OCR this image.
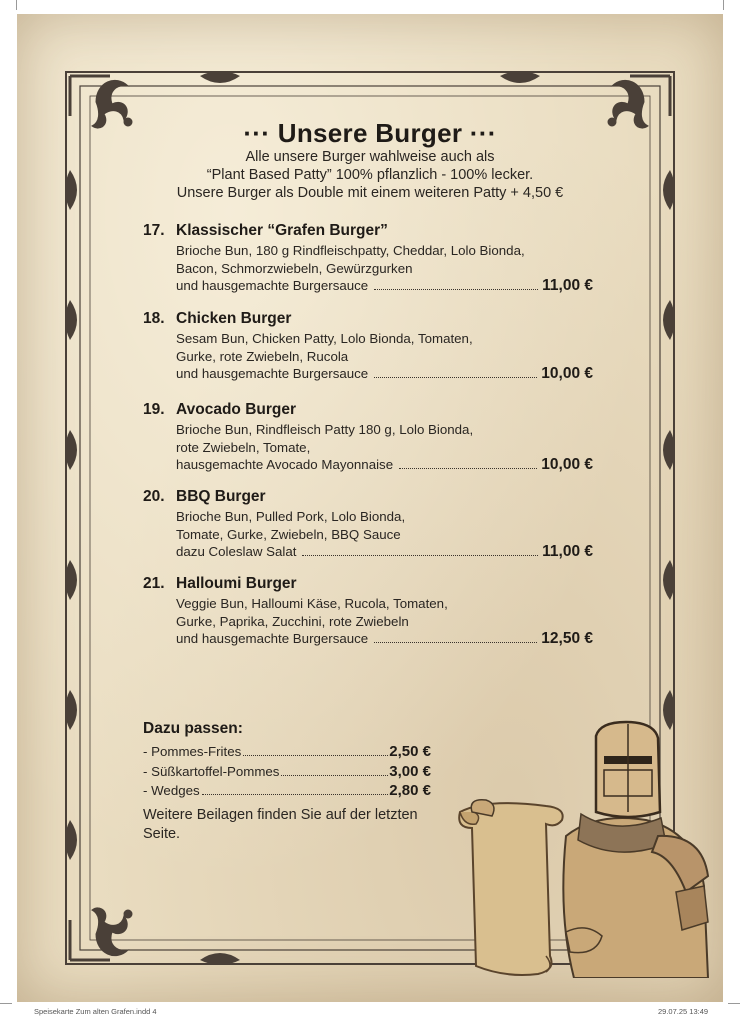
··· Unsere Burger ···
Alle unsere Burger wahlweise auch als
“Plant Based Patty” 100% pflanzlich - 100% lecker.
Unsere Burger als Double mit einem weiteren Patty + 4,50 €
17. Klassischer “Grafen Burger”
Brioche Bun, 180 g Rindfleischpatty, Cheddar, Lolo Bionda,
Bacon, Schmorzwiebeln, Gewürzgurken
und hausgemachte Burgersauce	11,00 €
18. Chicken Burger
Sesam Bun, Chicken Patty, Lolo Bionda, Tomaten,
Gurke, rote Zwiebeln, Rucola
und hausgemachte Burgersauce	10,00 €
19. Avocado Burger
Brioche Bun, Rindfleisch Patty 180 g, Lolo Bionda,
rote Zwiebeln, Tomate,
hausgemachte Avocado Mayonnaise	10,00 €
20. BBQ Burger
Brioche Bun, Pulled Pork, Lolo Bionda,
Tomate, Gurke, Zwiebeln, BBQ Sauce
dazu Coleslaw Salat	11,00 €
21. Halloumi Burger
Veggie Bun, Halloumi Käse, Rucola, Tomaten,
Gurke, Paprika, Zucchini, rote Zwiebeln
und hausgemachte Burgersauce	12,50 €
Dazu passen:
- Pommes-Frites	2,50 €
- Süßkartoffel-Pommes	3,00 €
- Wedges	2,80 €
Weitere Beilagen finden Sie auf der letzten Seite.
Speisekarte Zum alten Grafen.indd 4	29.07.25 13:49
